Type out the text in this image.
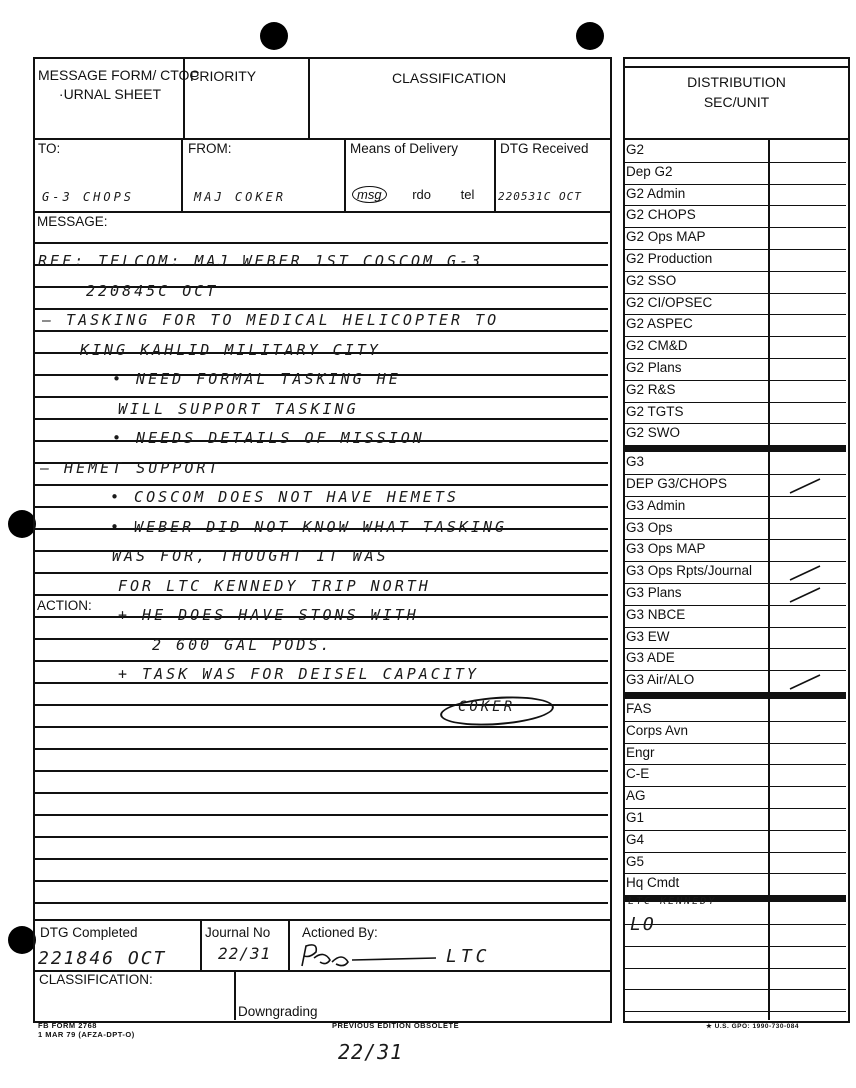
MESSAGE FORM/ CTOC
·URNAL SHEET
PRIORITY	CLASSIFICATION
TO:	FROM:	Means of Delivery	DTG Received
G-3 CHOPS	MAJ COKER	msg rdo tel	220531C OCT
MESSAGE:
ACTION:
REF: TELCOM: MAJ WEBER 1ST COSCOM G-3
220845C OCT
– TASKING FOR TO MEDICAL HELICOPTER TO
KING KAHLID MILITARY CITY
• NEED FORMAL TASKING HE
WILL SUPPORT TASKING
• NEEDS DETAILS OF MISSION
– HEMET SUPPORT
• COSCOM DOES NOT HAVE HEMETS
• WEBER DID NOT KNOW WHAT TASKING
WAS FOR, THOUGHT IT WAS
FOR LTC KENNEDY TRIP NORTH
+ HE DOES HAVE STONS WITH
2 600 GAL PODS.
+ TASK WAS FOR DEISEL CAPACITY
COKER
DTG Completed	Journal No Actioned By:
221846 OCT	22/31	LTC
CLASSIFICATION:
Downgrading
FB FORM 2768
1 MAR 79 (AFZA-DPT-O)
PREVIOUS EDITION OBSOLETE	★ U.S. GPO: 1990-730-084
22/31
DISTRIBUTION
SEC/UNIT
G2
Dep G2
G2 Admin
G2 CHOPS
G2 Ops MAP
G2 Production
G2 SSO
G2 CI/OPSEC
G2 ASPEC
G2 CM&D
G2 Plans
G2 R&S
G2 TGTS
G2 SWO
G3
DEP G3/CHOPS
G3 Admin
G3 Ops
G3 Ops MAP
G3 Ops Rpts/Journal
G3 Plans
G3 NBCE
G3 EW
G3 ADE
G3 Air/ALO
FAS
Corps Avn
Engr
C-E
AG
G1
G4
G5
Hq Cmdt
LTC KENNEDY
LO
